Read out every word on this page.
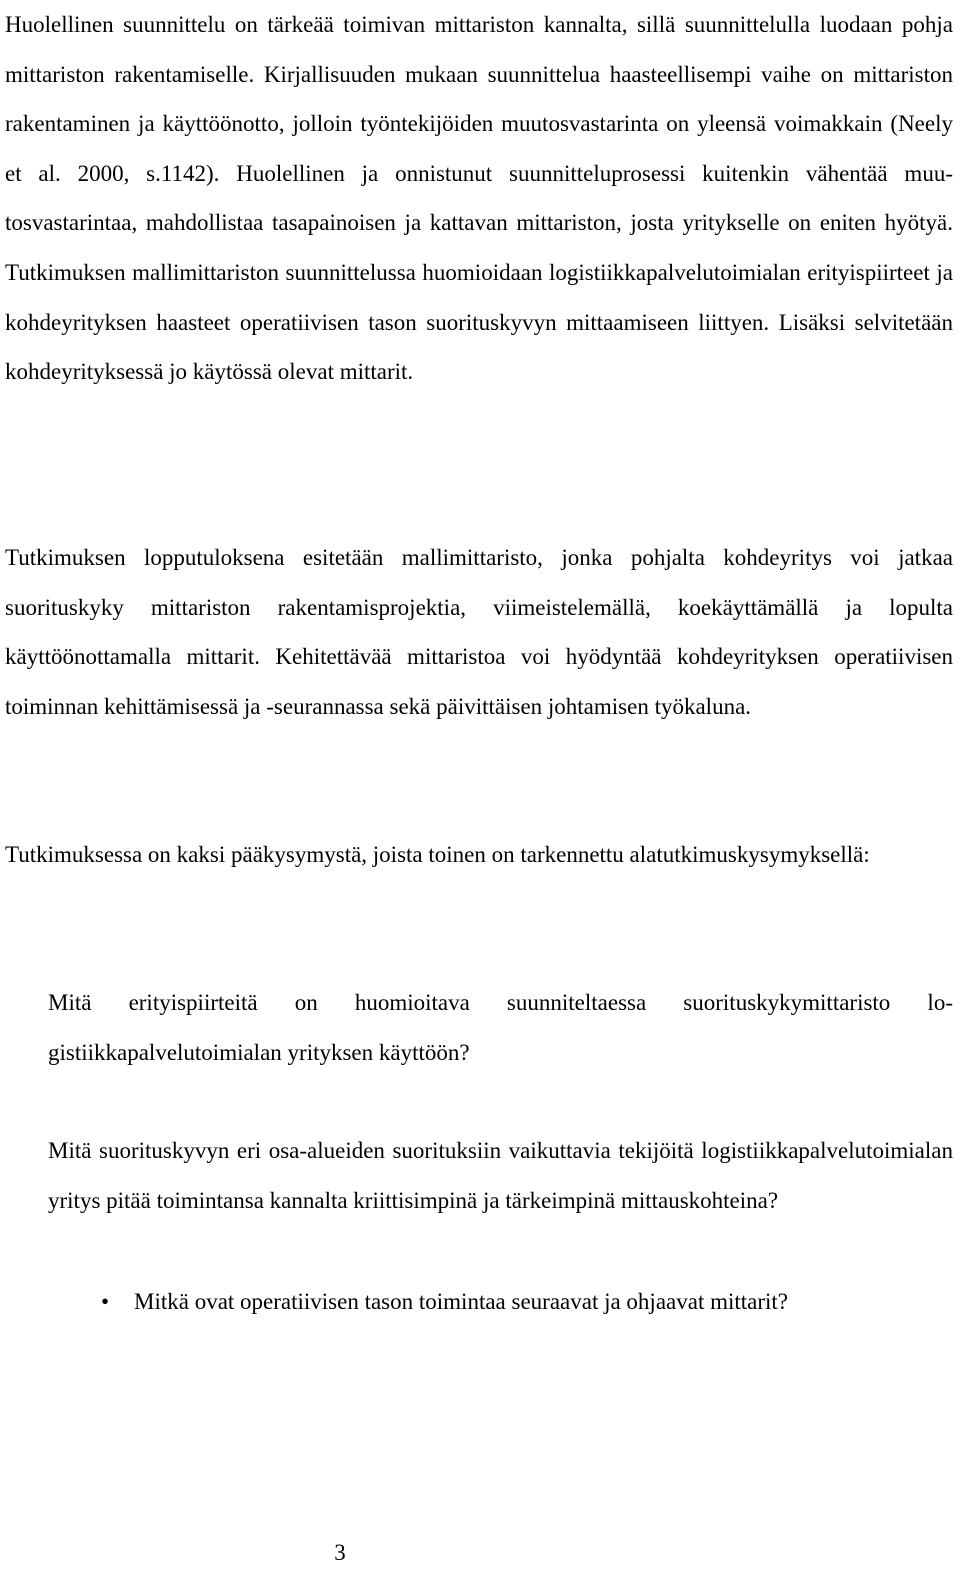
Huolellinen suunnittelu on tärkeää toimivan mittariston kannalta, sillä suunnittelulla luodaan pohja mittariston rakentamiselle. Kirjallisuuden mukaan suunnittelua haasteellisempi vaihe on mittariston rakentaminen ja käyttöönotto, jolloin työntekijöiden muutosvastarinta on yleensä voimakkain (Neely et al. 2000, s.1142). Huolellinen ja onnistunut suunnitteluprosessi kuitenkin vähentää muutosvastarintaa, mahdollistaa tasapainoisen ja kattavan mittariston, josta yritykselle on eniten hyötyä. Tutkimuksen mallimittariston suunnittelussa huomioidaan logistiikkapalvelutoimialan erityispiirteet ja kohdeyrityksen haasteet operatiivisen tason suorituskyvyn mittaamiseen liittyen. Lisäksi selvitetään kohdeyrityksessä jo käytössä olevat mittarit.

Tutkimuksen lopputuloksena esitetään mallimittaristo, jonka pohjalta kohdeyritys voi jatkaa suorituskyky mittariston rakentamisprojektia, viimeistelemällä, koekäyttämällä ja lopulta käyttöönottamalla mittarit. Kehitettävää mittaristoa voi hyödyntää kohdeyrityksen operatiivisen toiminnan kehittämisessä ja -seurannassa sekä päivittäisen johtamisen työkaluna.

Tutkimuksessa on kaksi pääkysymystä, joista toinen on tarkennettu alatutkimuskysymyksellä:

Mitä erityispiirteitä on huomioitava suunniteltaessa suorituskykymittaristo logistiikkapalvelutoimialan yrityksen käyttöön?

Mitä suorituskyvyn eri osa-alueiden suorituksiin vaikuttavia tekijöitä logistiikkapalvelutoimialan yritys pitää toimintansa kannalta kriittisimpinä ja tärkeimpinä mittauskohteina?

•	Mitkä ovat operatiivisen tason toimintaa seuraavat ja ohjaavat mittarit?
3
